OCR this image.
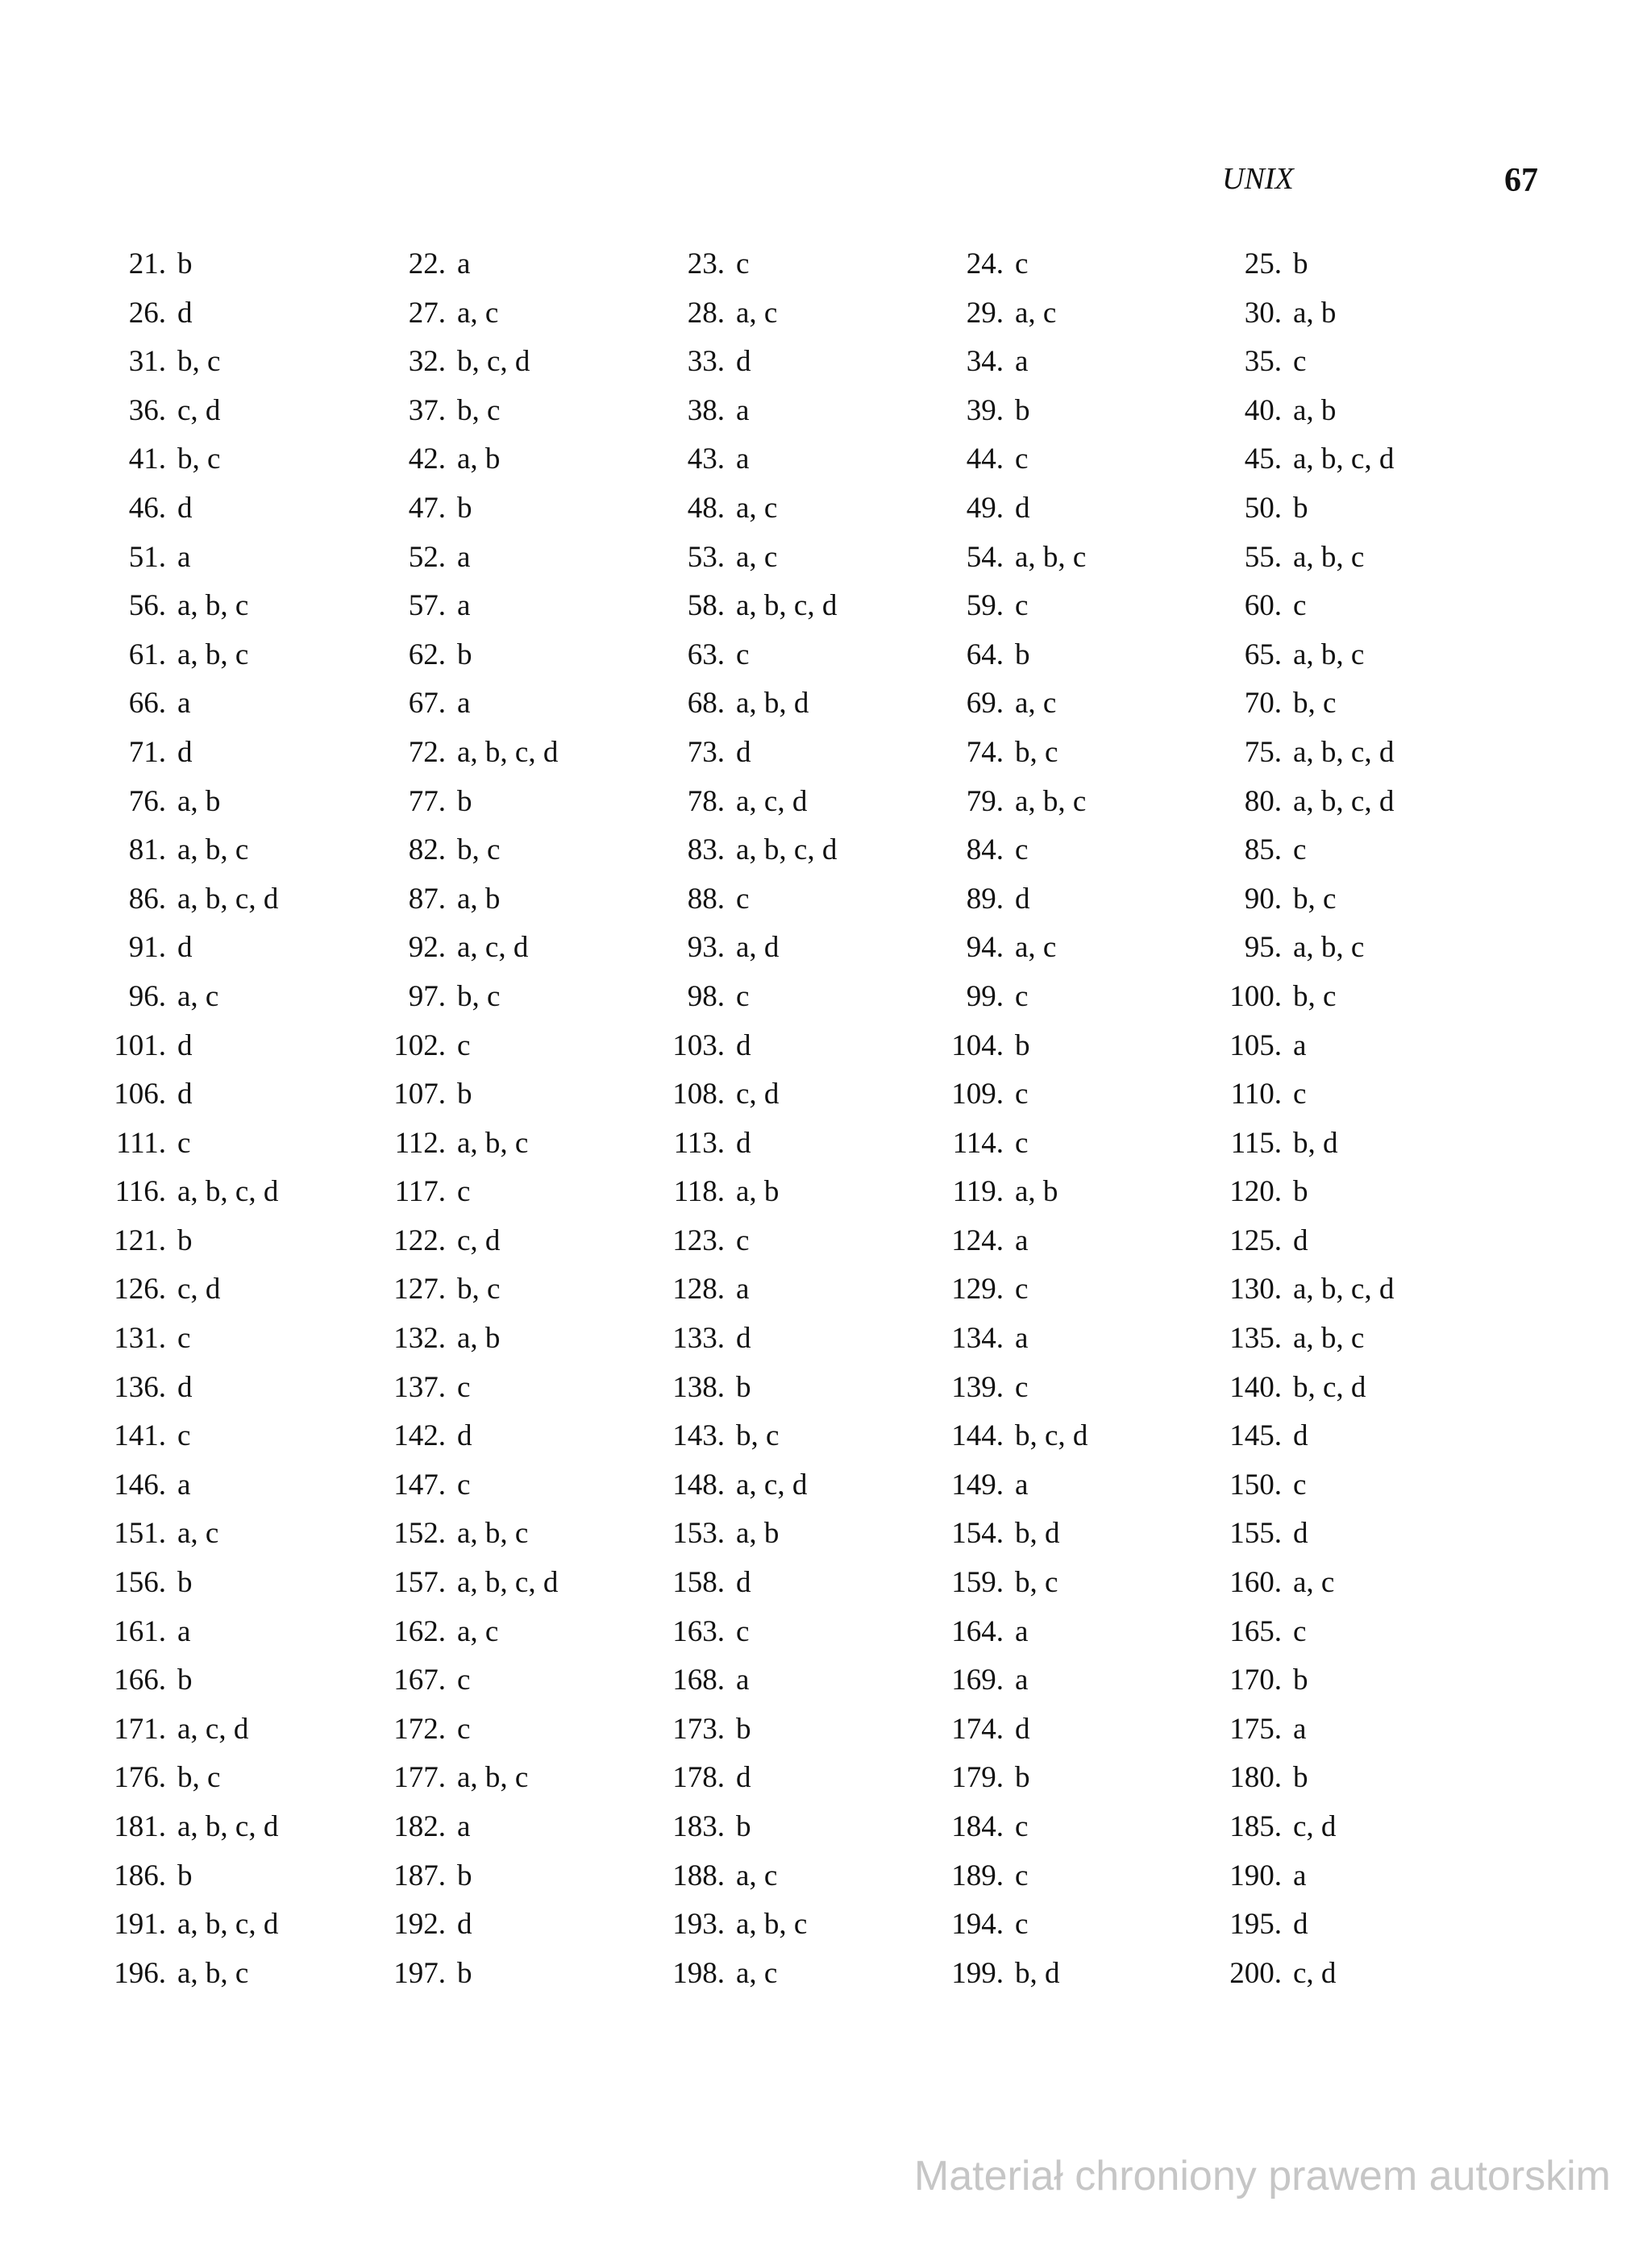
UNIX	67
21. b	22. a	23. c	24. c	25. b
26. d	27. a, c	28. a, c	29. a, c	30. a, b
31. b, c	32. b, c, d	33. d	34. a	35. c
36. c, d	37. b, c	38. a	39. b	40. a, b
41. b, c	42. a, b	43. a	44. c	45. a, b, c, d
46. d	47. b	48. a, c	49. d	50. b
51. a	52. a	53. a, c	54. a, b, c	55. a, b, c
56. a, b, c	57. a	58. a, b, c, d	59. c	60. c
61. a, b, c	62. b	63. c	64. b	65. a, b, c
66. a	67. a	68. a, b, d	69. a, c	70. b, c
71. d	72. a, b, c, d	73. d	74. b, c	75. a, b, c, d
76. a, b	77. b	78. a, c, d	79. a, b, c	80. a, b, c, d
81. a, b, c	82. b, c	83. a, b, c, d	84. c	85. c
86. a, b, c, d	87. a, b	88. c	89. d	90. b, c
91. d	92. a, c, d	93. a, d	94. a, c	95. a, b, c
96. a, c	97. b, c	98. c	99. c	100. b, c
101. d	102. c	103. d	104. b	105. a
106. d	107. b	108. c, d	109. c	110. c
111. c	112. a, b, c	113. d	114. c	115. b, d
116. a, b, c, d	117. c	118. a, b	119. a, b	120. b
121. b	122. c, d	123. c	124. a	125. d
126. c, d	127. b, c	128. a	129. c	130. a, b, c, d
131. c	132. a, b	133. d	134. a	135. a, b, c
136. d	137. c	138. b	139. c	140. b, c, d
141. c	142. d	143. b, c	144. b, c, d	145. d
146. a	147. c	148. a, c, d	149. a	150. c
151. a, c	152. a, b, c	153. a, b	154. b, d	155. d
156. b	157. a, b, c, d	158. d	159. b, c	160. a, c
161. a	162. a, c	163. c	164. a	165. c
166. b	167. c	168. a	169. a	170. b
171. a, c, d	172. c	173. b	174. d	175. a
176. b, c	177. a, b, c	178. d	179. b	180. b
181. a, b, c, d	182. a	183. b	184. c	185. c, d
186. b	187. b	188. a, c	189. c	190. a
191. a, b, c, d	192. d	193. a, b, c	194. c	195. d
196. a, b, c	197. b	198. a, c	199. b, d	200. c, d
Materiał chroniony prawem autorskim
